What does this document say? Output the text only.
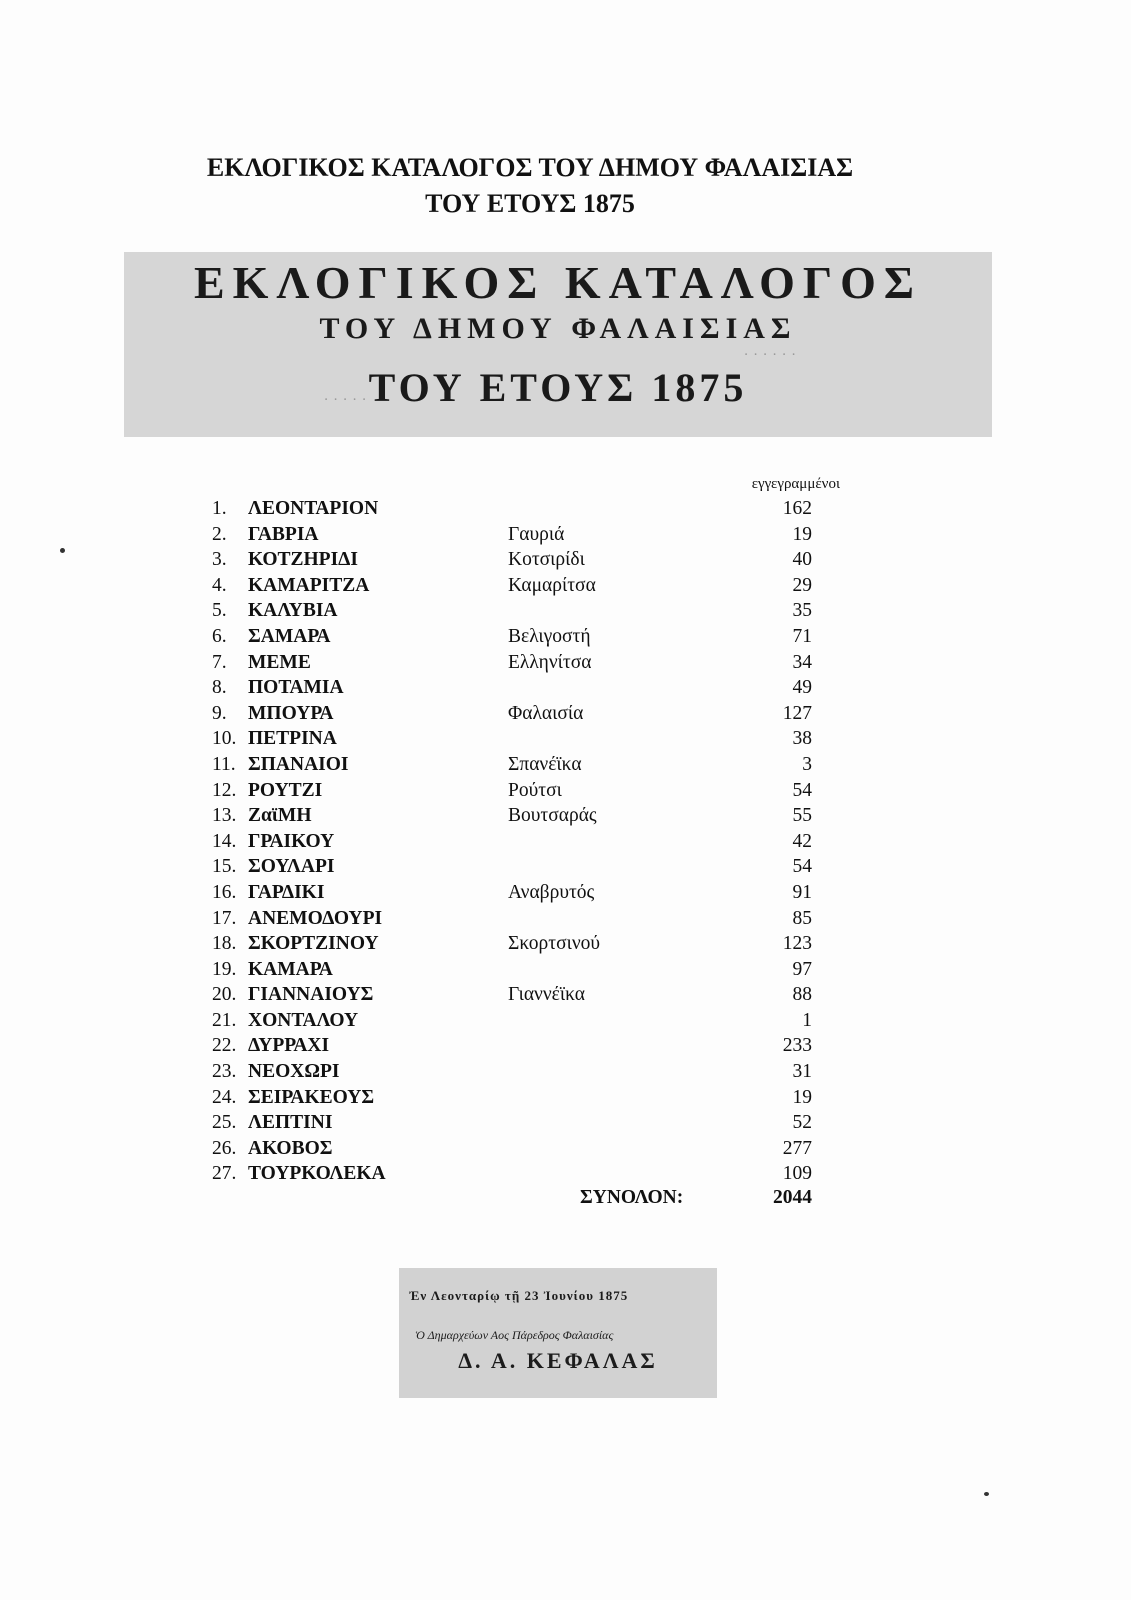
ΕΚΛΟΓΙΚΟΣ ΚΑΤΑΛΟΓΟΣ ΤΟΥ ΔΗΜΟΥ ΦΑΛΑΙΣΙΑΣ
ΤΟΥ ΕΤΟΥΣ 1875
· · · · · ·
· · · · ·
ΕΚΛΟΓΙΚΟΣ ΚΑΤΑΛΟΓΟΣ
ΤΟΥ ΔΗΜΟΥ ΦΑΛΑΙΣΙΑΣ
ΤΟΥ ΕΤΟΥΣ 1875
εγγεγραμμένοι
1. ΛΕΟΝΤΑΡΙΟΝ	162
2. ΓΑΒΡΙΑ	Γαυριά	19
3. ΚΟΤΖΗΡΙΔΙ	Κοτσιρίδι	40
4. ΚΑΜΑΡΙΤΖΑ	Καμαρίτσα	29
5. ΚΑΛΥΒΙΑ	35
6. ΣΑΜΑΡΑ	Βελιγοστή	71
7. ΜΕΜΕ	Ελληνίτσα	34
8. ΠΟΤΑΜΙΑ	49
9. ΜΠΟΥΡΑ	Φαλαισία	127
10. ΠΕΤΡΙΝΑ	38
11. ΣΠΑΝΑΙΟΙ	Σπανέϊκα	3
12. ΡΟΥΤΖΙ	Ρούτσι	54
13. ΖαϊΜΗ	Βουτσαράς	55
14. ΓΡΑΙΚΟΥ	42
15. ΣΟΥΛΑΡΙ	54
16. ΓΑΡΔΙΚΙ	Αναβρυτός	91
17. ΑΝΕΜΟΔΟΥΡΙ	85
18. ΣΚΟΡΤΖΙΝΟΥ	Σκορτσινού	123
19. ΚΑΜΑΡΑ	97
20. ΓΙΑΝΝΑΙΟΥΣ	Γιαννέϊκα	88
21. ΧΟΝΤΑΛΟΥ	1
22. ΔΥΡΡΑΧΙ	233
23. ΝΕΟΧΩΡΙ	31
24. ΣΕΙΡΑΚΕΟΥΣ	19
25. ΛΕΠΤΙΝΙ	52
26. ΑΚΟΒΟΣ	277
27. ΤΟΥΡΚΟΛΕΚΑ	109
ΣΥΝΟΛΟΝ:	2044
Ἐν Λεονταρίῳ τῇ 23 Ἰουνίου 1875
Ὁ Δημαρχεύων Αος Πάρεδρος Φαλαισίας
Δ. Α. ΚΕΦΑΛΑΣ
